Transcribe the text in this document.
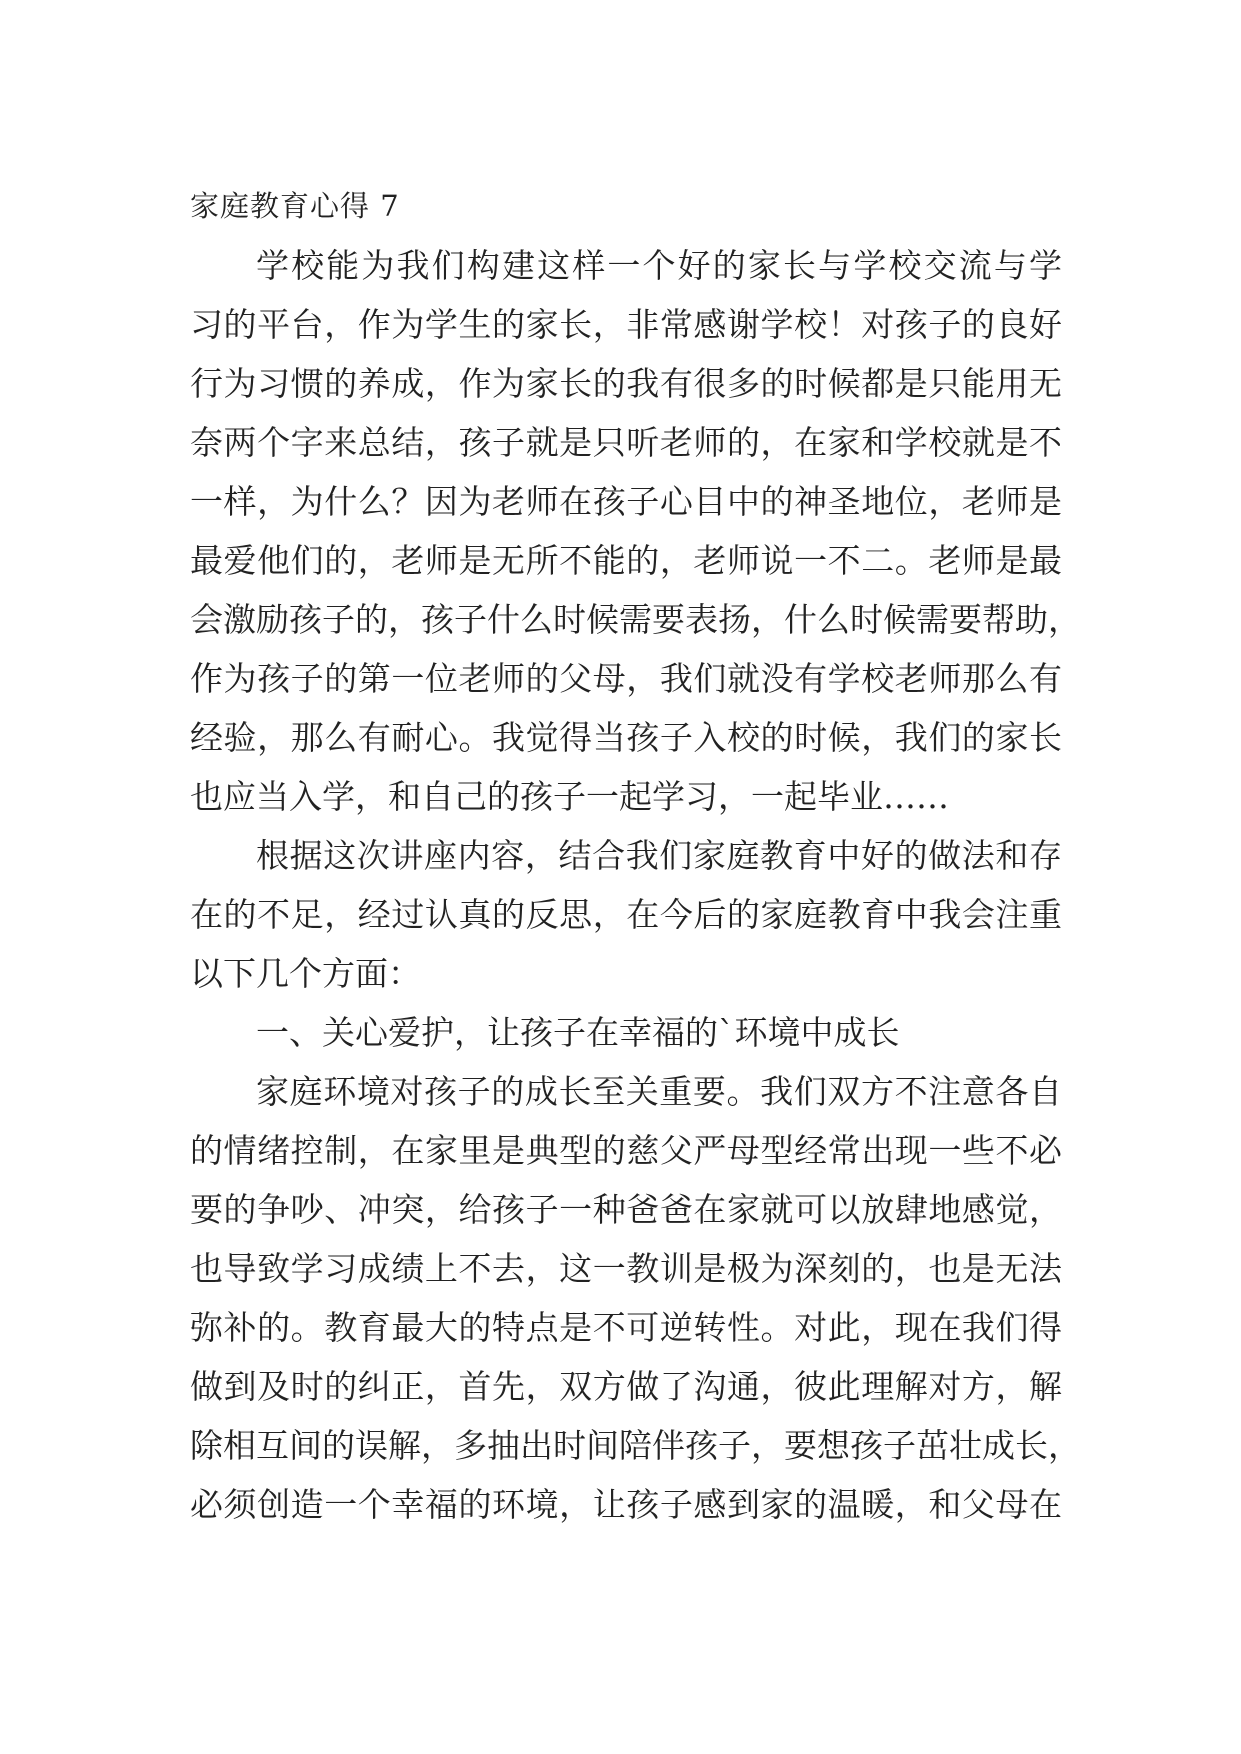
家庭教育心得 7
学校能为我们构建这样一个好的家长与学校交流与学
习的平台，作为学生的家长，非常感谢学校！对孩子的良好
行为习惯的养成，作为家长的我有很多的时候都是只能用无
奈两个字来总结，孩子就是只听老师的，在家和学校就是不
一样，为什么？因为老师在孩子心目中的神圣地位，老师是
最爱他们的，老师是无所不能的，老师说一不二。老师是最
会激励孩子的，孩子什么时候需要表扬，什么时候需要帮助，
作为孩子的第一位老师的父母，我们就没有学校老师那么有
经验，那么有耐心。我觉得当孩子入校的时候，我们的家长
也应当入学，和自己的孩子一起学习，一起毕业……
根据这次讲座内容，结合我们家庭教育中好的做法和存
在的不足，经过认真的反思，在今后的家庭教育中我会注重
以下几个方面：
一、关心爱护，让孩子在幸福的`环境中成长
家庭环境对孩子的成长至关重要。我们双方不注意各自
的情绪控制，在家里是典型的慈父严母型经常出现一些不必
要的争吵、冲突，给孩子一种爸爸在家就可以放肆地感觉，
也导致学习成绩上不去，这一教训是极为深刻的，也是无法
弥补的。教育最大的特点是不可逆转性。对此，现在我们得
做到及时的纠正，首先，双方做了沟通，彼此理解对方，解
除相互间的误解，多抽出时间陪伴孩子，要想孩子茁壮成长，
必须创造一个幸福的环境，让孩子感到家的温暖，和父母在
